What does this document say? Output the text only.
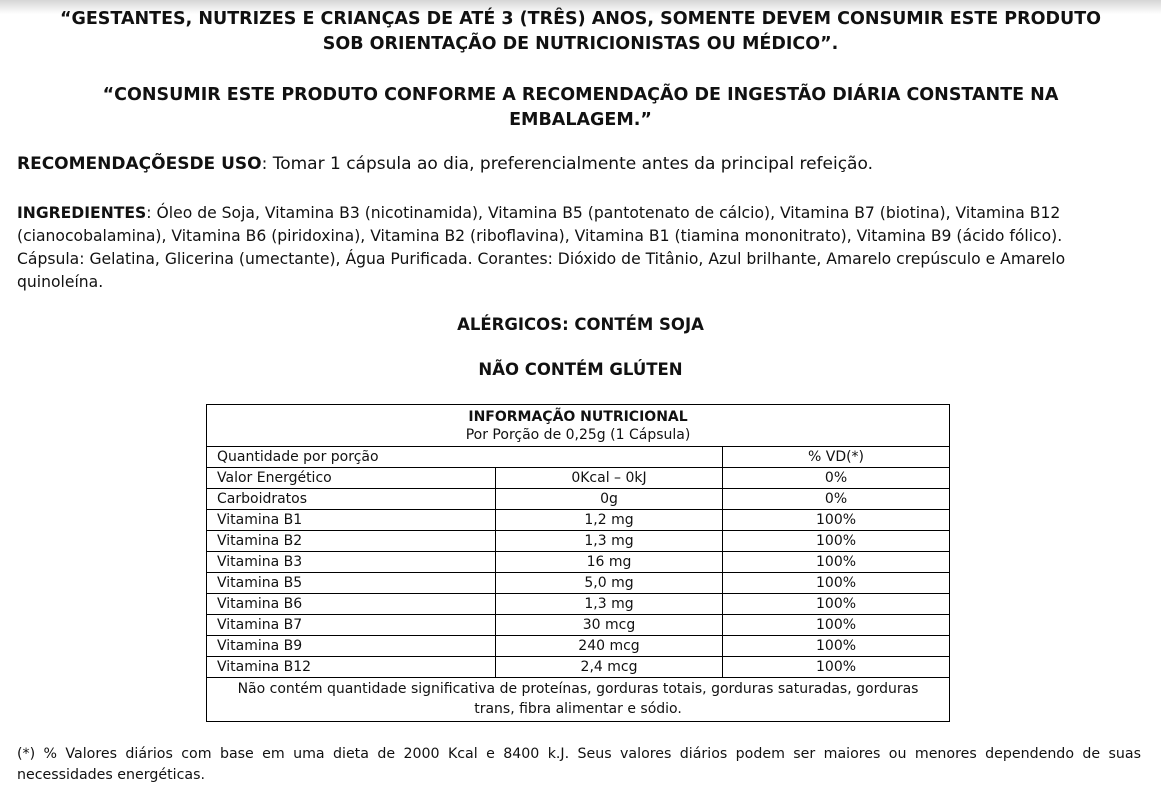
“GESTANTES, NUTRIZES E CRIANÇAS DE ATÉ 3 (TRÊS) ANOS, SOMENTE DEVEM CONSUMIR ESTE PRODUTO
SOB ORIENTAÇÃO DE NUTRICIONISTAS OU MÉDICO”.
“CONSUMIR ESTE PRODUTO CONFORME A RECOMENDAÇÃO DE INGESTÃO DIÁRIA CONSTANTE NA
EMBALAGEM.”
RECOMENDAÇÕESDE USO: Tomar 1 cápsula ao dia, preferencialmente antes da principal refeição.
INGREDIENTES: Óleo de Soja, Vitamina B3 (nicotinamida), Vitamina B5 (pantotenato de cálcio), Vitamina B7 (biotina), Vitamina B12
(cianocobalamina), Vitamina B6 (piridoxina), Vitamina B2 (riboflavina), Vitamina B1 (tiamina mononitrato), Vitamina B9 (ácido fólico).
Cápsula: Gelatina, Glicerina (umectante), Água Purificada. Corantes: Dióxido de Titânio, Azul brilhante, Amarelo crepúsculo e Amarelo
quinoleína.
ALÉRGICOS: CONTÉM SOJA
NÃO CONTÉM GLÚTEN
INFORMAÇÃO NUTRICIONAL
Por Porção de 0,25g (1 Cápsula)		
Quantidade por porção		% VD(*)
Valor Energético	0Kcal – 0kJ	0%
Carboidratos	0g	0%
Vitamina B1	1,2 mg	100%
Vitamina B2	1,3 mg	100%
Vitamina B3	16 mg	100%
Vitamina B5	5,0 mg	100%
Vitamina B6	1,3 mg	100%
Vitamina B7	30 mcg	100%
Vitamina B9	240 mcg	100%
Vitamina B12	2,4 mcg	100%
Não contém quantidade significativa de proteínas, gorduras totais, gorduras saturadas, gorduras
trans, fibra alimentar e sódio.		
(*) % Valores diários com base em uma dieta de 2000 Kcal e 8400 k.J. Seus valores diários podem ser maiores ou menores dependendo de suas
necessidades energéticas.
